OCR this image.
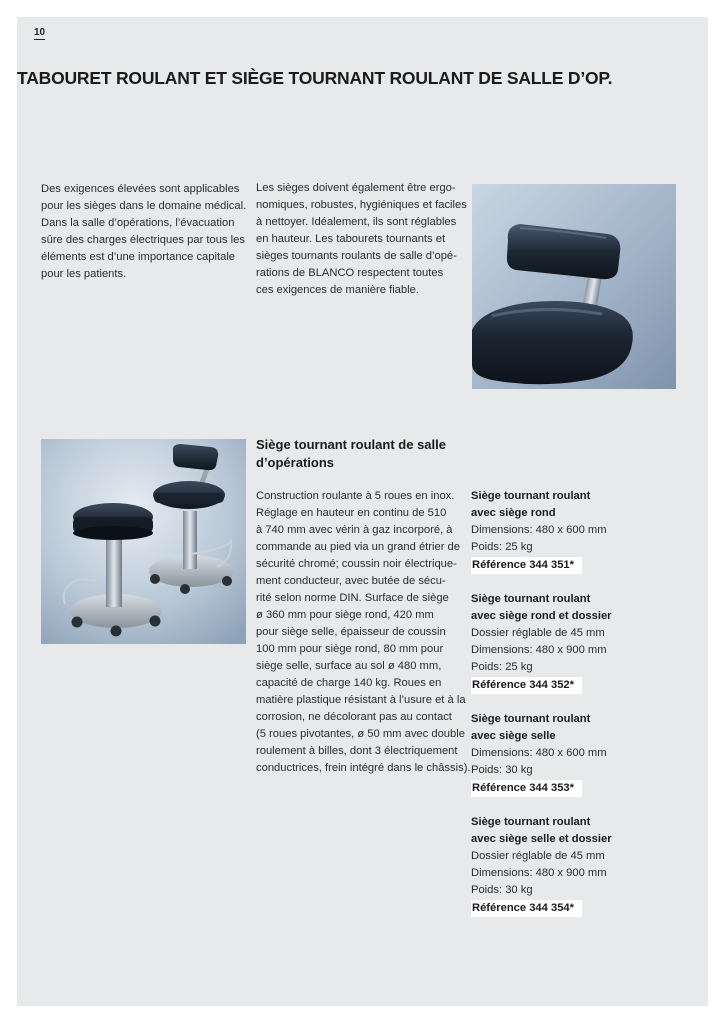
10
TABOURET ROULANT ET SIÈGE TOURNANT ROULANT DE SALLE D’OP.
Des exigences élevées sont applicables
pour les sièges dans le domaine médical.
Dans la salle d’opérations, l’évacuation
sûre des charges électriques par tous les
éléments est d’une importance capitale
pour les patients.
Les sièges doivent également être ergo-
nomiques, robustes, hygiéniques et faciles
à nettoyer. Idéalement, ils sont réglables
en hauteur. Les tabourets tournants et
sièges tournants roulants de salle d’opé-
rations de BLANCO respectent toutes
ces exigences de manière fiable.
Siège tournant roulant de salle
d’opérations
Construction roulante à 5 roues en inox.
Réglage en hauteur en continu de 510
à 740 mm avec vérin à gaz incorporé, à
commande au pied via un grand étrier de
sécurité chromé; coussin noir électrique-
ment conducteur, avec butée de sécu-
rité selon norme DIN. Surface de siège
ø 360 mm pour siège rond, 420 mm
pour siège selle, épaisseur de coussin
100 mm pour siège rond, 80 mm pour
siège selle, surface au sol ø 480 mm,
capacité de charge 140 kg. Roues en
matière plastique résistant à l’usure et à la
corrosion, ne décolorant pas au contact
(5 roues pivotantes, ø 50 mm avec double
roulement à billes, dont 3 électriquement
conductrices, frein intégré dans le châssis).
Siège tournant roulant
avec siège rond
Dimensions: 480 x 600 mm
Poids: 25 kg
Référence 344 351*
Siège tournant roulant
avec siège rond et dossier
Dossier réglable de 45 mm
Dimensions: 480 x 900 mm
Poids: 25 kg
Référence 344 352*
Siège tournant roulant
avec siège selle
Dimensions: 480 x 600 mm
Poids: 30 kg
Référence 344 353*
Siège tournant roulant
avec siège selle et dossier
Dossier réglable de 45 mm
Dimensions: 480 x 900 mm
Poids: 30 kg
Référence 344 354*
